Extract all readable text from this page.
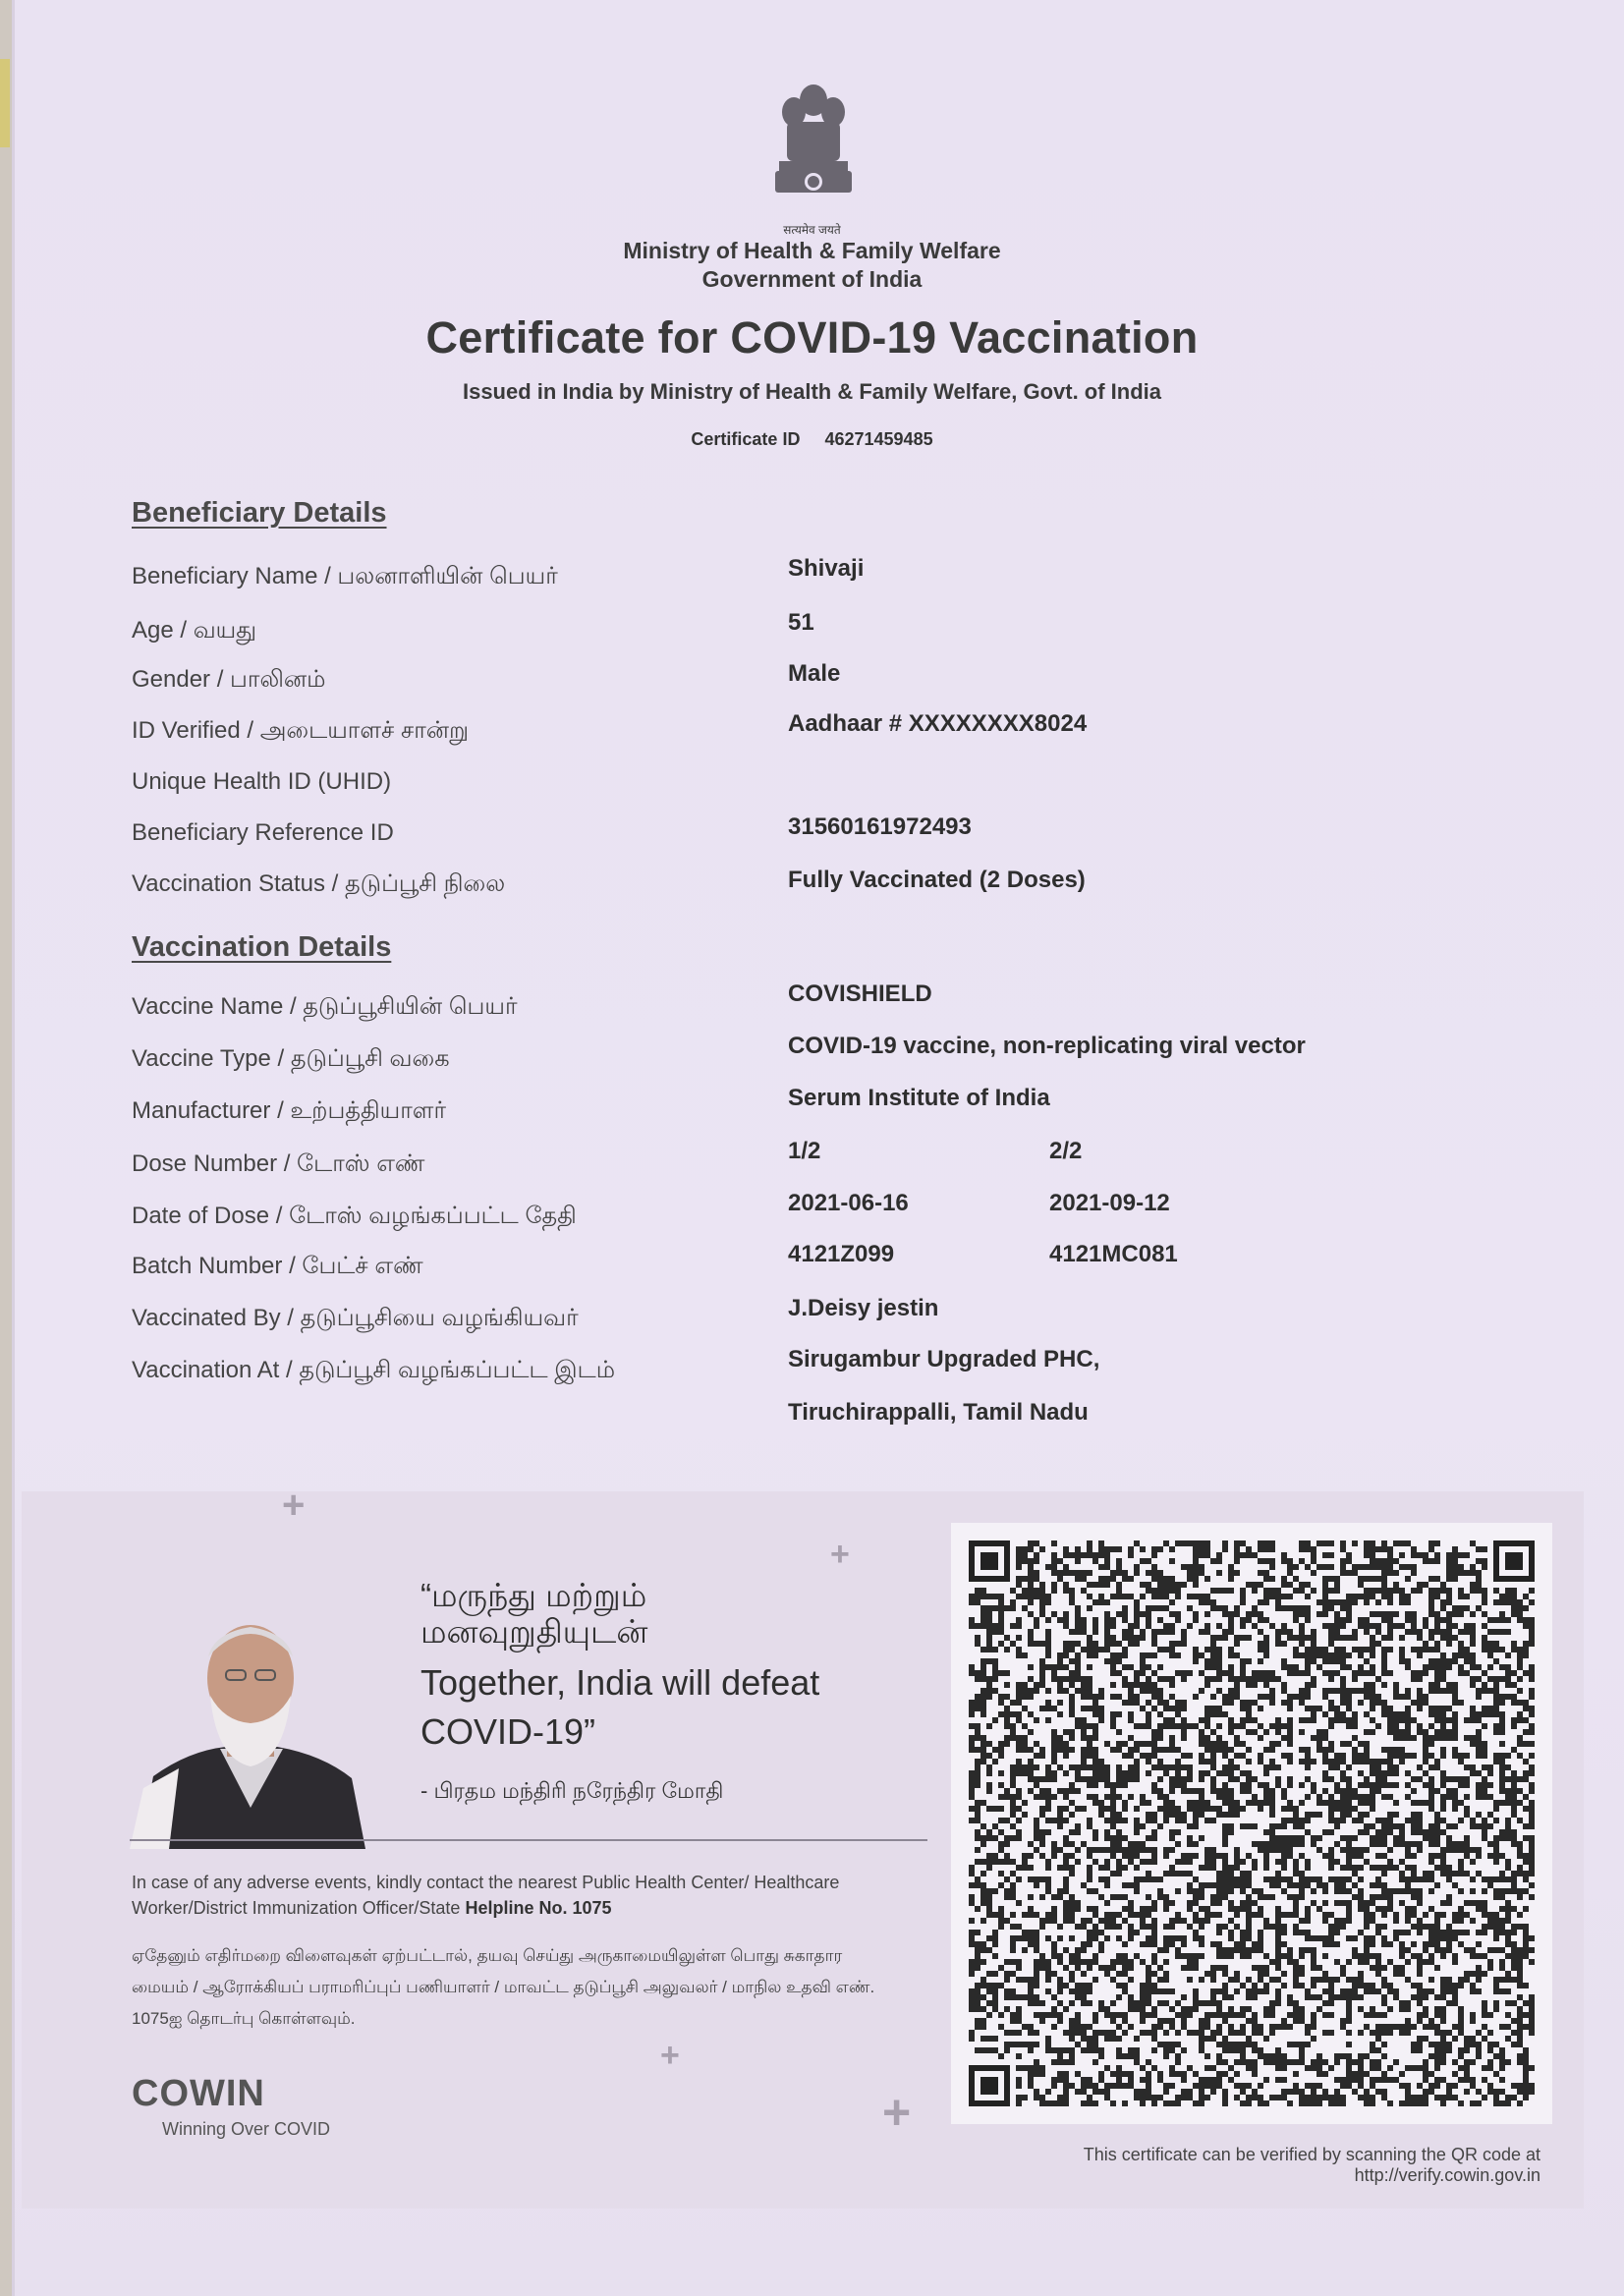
सत्यमेव जयते
Ministry of Health & Family Welfare
Government of India
Certificate for COVID-19 Vaccination
Issued in India by Ministry of Health & Family Welfare, Govt. of India
Certificate ID 46271459485
Beneficiary Details
Beneficiary Name / பலனாளியின் பெயர்	Shivaji
Age / வயது	51
Gender / பாலினம்	Male
ID Verified / அடையாளச் சான்று	Aadhaar # XXXXXXXX8024
Unique Health ID (UHID)
Beneficiary Reference ID	31560161972493
Vaccination Status / தடுப்பூசி நிலை	Fully Vaccinated (2 Doses)
Vaccination Details
Vaccine Name / தடுப்பூசியின் பெயர்	COVISHIELD
Vaccine Type / தடுப்பூசி வகை	COVID-19 vaccine, non-replicating viral vector
Manufacturer / உற்பத்தியாளர்	Serum Institute of India
Dose Number / டோஸ் எண்	1/2	2/2
Date of Dose / டோஸ் வழங்கப்பட்ட தேதி	2021-06-16	2021-09-12
Batch Number / பேட்ச் எண்	4121Z099	4121MC081
Vaccinated By / தடுப்பூசியை வழங்கியவர்	J.Deisy jestin
Vaccination At / தடுப்பூசி வழங்கப்பட்ட இடம்	Sirugambur Upgraded PHC,
Tiruchirappalli, Tamil Nadu
+
+
+
+
“மருந்து மற்றும் மனவுறுதியுடன்
Together, India will defeat COVID-19”
- பிரதம மந்திரி நரேந்திர மோதி
In case of any adverse events, kindly contact the nearest Public Health Center/ Healthcare Worker/District Immunization Officer/State Helpline No. 1075
ஏதேனும் எதிர்மறை விளைவுகள் ஏற்பட்டால், தயவு செய்து அருகாமையிலுள்ள பொது சுகாதார மையம் / ஆரோக்கியப் பராமரிப்புப் பணியாளர் / மாவட்ட தடுப்பூசி அலுவலர் / மாநில உதவி எண். 1075ஐ தொடர்பு கொள்ளவும்.
COWIN
Winning Over COVID
This certificate can be verified by scanning the QR code at
http://verify.cowin.gov.in
